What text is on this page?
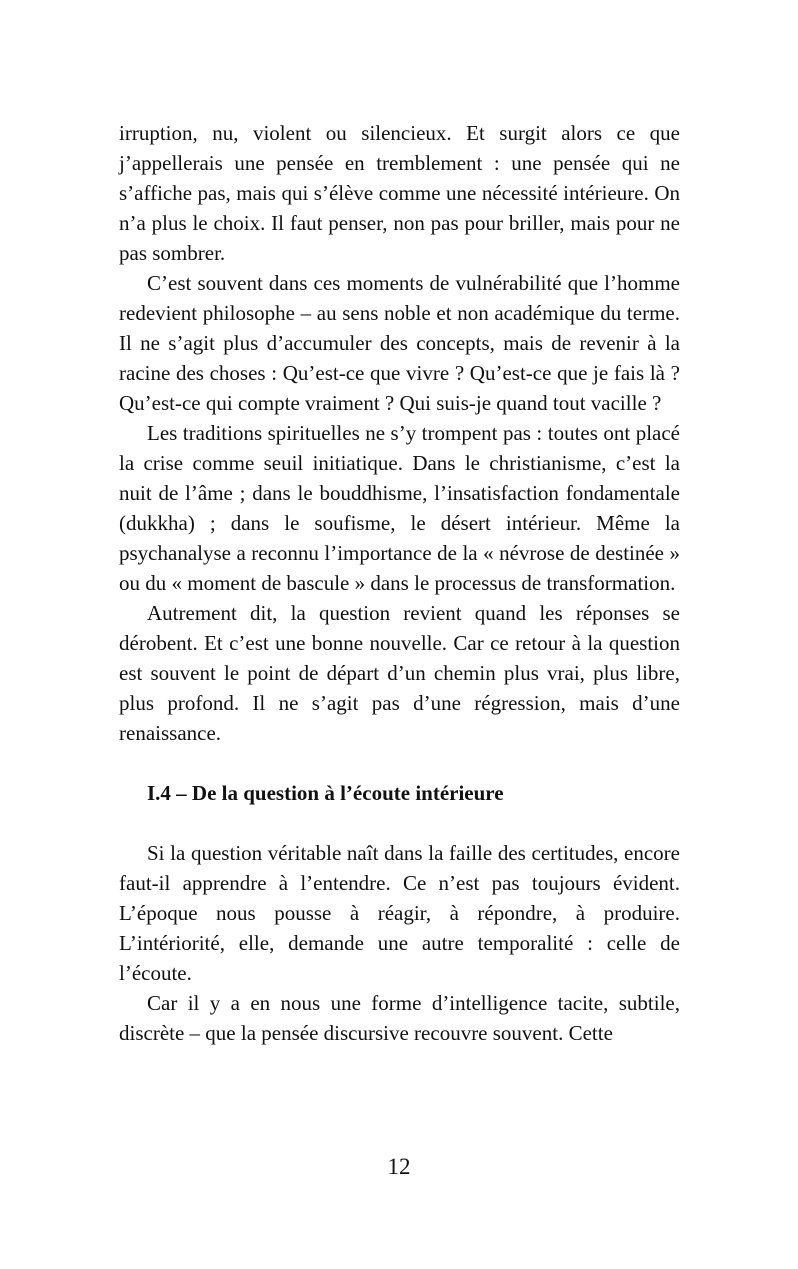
irruption, nu, violent ou silencieux. Et surgit alors ce que j’appellerais une pensée en tremblement : une pensée qui ne s’affiche pas, mais qui s’élève comme une nécessité intérieure. On n’a plus le choix. Il faut penser, non pas pour briller, mais pour ne pas sombrer.

C’est souvent dans ces moments de vulnérabilité que l’homme redevient philosophe – au sens noble et non académique du terme. Il ne s’agit plus d’accumuler des concepts, mais de revenir à la racine des choses : Qu’est-ce que vivre ? Qu’est-ce que je fais là ? Qu’est-ce qui compte vraiment ? Qui suis-je quand tout vacille ?

Les traditions spirituelles ne s’y trompent pas : toutes ont placé la crise comme seuil initiatique. Dans le christianisme, c’est la nuit de l’âme ; dans le bouddhisme, l’insatisfaction fondamentale (dukkha) ; dans le soufisme, le désert intérieur. Même la psychanalyse a reconnu l’importance de la « névrose de destinée » ou du « moment de bascule » dans le processus de transformation.

Autrement dit, la question revient quand les réponses se dérobent. Et c’est une bonne nouvelle. Car ce retour à la question est souvent le point de départ d’un chemin plus vrai, plus libre, plus profond. Il ne s’agit pas d’une régression, mais d’une renaissance.

I.4 – De la question à l’écoute intérieure

Si la question véritable naît dans la faille des certitudes, encore faut-il apprendre à l’entendre. Ce n’est pas toujours évident. L’époque nous pousse à réagir, à répondre, à produire. L’intériorité, elle, demande une autre temporalité : celle de l’écoute.

Car il y a en nous une forme d’intelligence tacite, subtile, discrète – que la pensée discursive recouvre souvent. Cette

12
